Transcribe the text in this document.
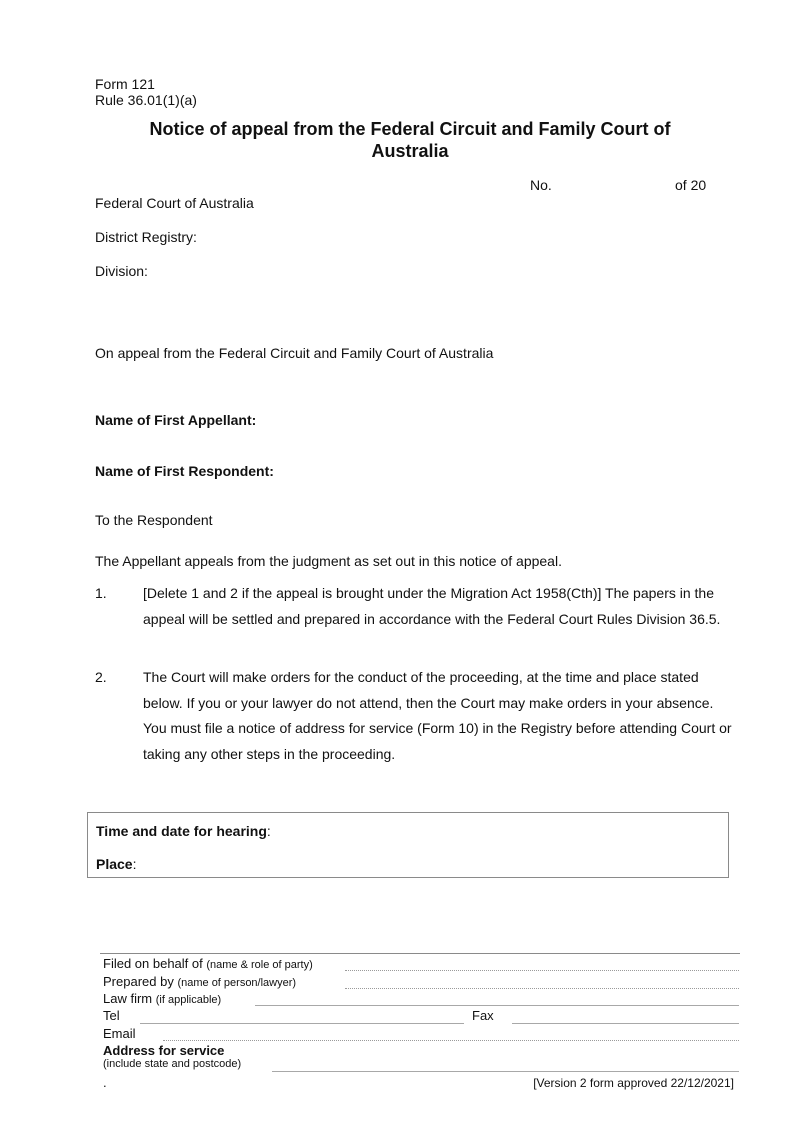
Form 121
Rule 36.01(1)(a)
Notice of appeal from the Federal Circuit and Family Court of
Australia
No.	of 20
Federal Court of Australia
District Registry:
Division:
On appeal from the Federal Circuit and Family Court of Australia
Name of First Appellant:
Name of First Respondent:
To the Respondent
The Appellant appeals from the judgment as set out in this notice of appeal.
1.	[Delete 1 and 2 if the appeal is brought under the Migration Act 1958(Cth)] The papers in the appeal will be settled and prepared in accordance with the Federal Court Rules Division 36.5.
2.	The Court will make orders for the conduct of the proceeding, at the time and place stated below. If you or your lawyer do not attend, then the Court may make orders in your absence. You must file a notice of address for service (Form 10) in the Registry before attending Court or taking any other steps in the proceeding.
Time and date for hearing:
Place:
Filed on behalf of (name & role of party)
Prepared by (name of person/lawyer)
Law firm (if applicable)
Tel	Fax
Email
Address for service
(include state and postcode)
.	[Version 2 form approved 22/12/2021]
